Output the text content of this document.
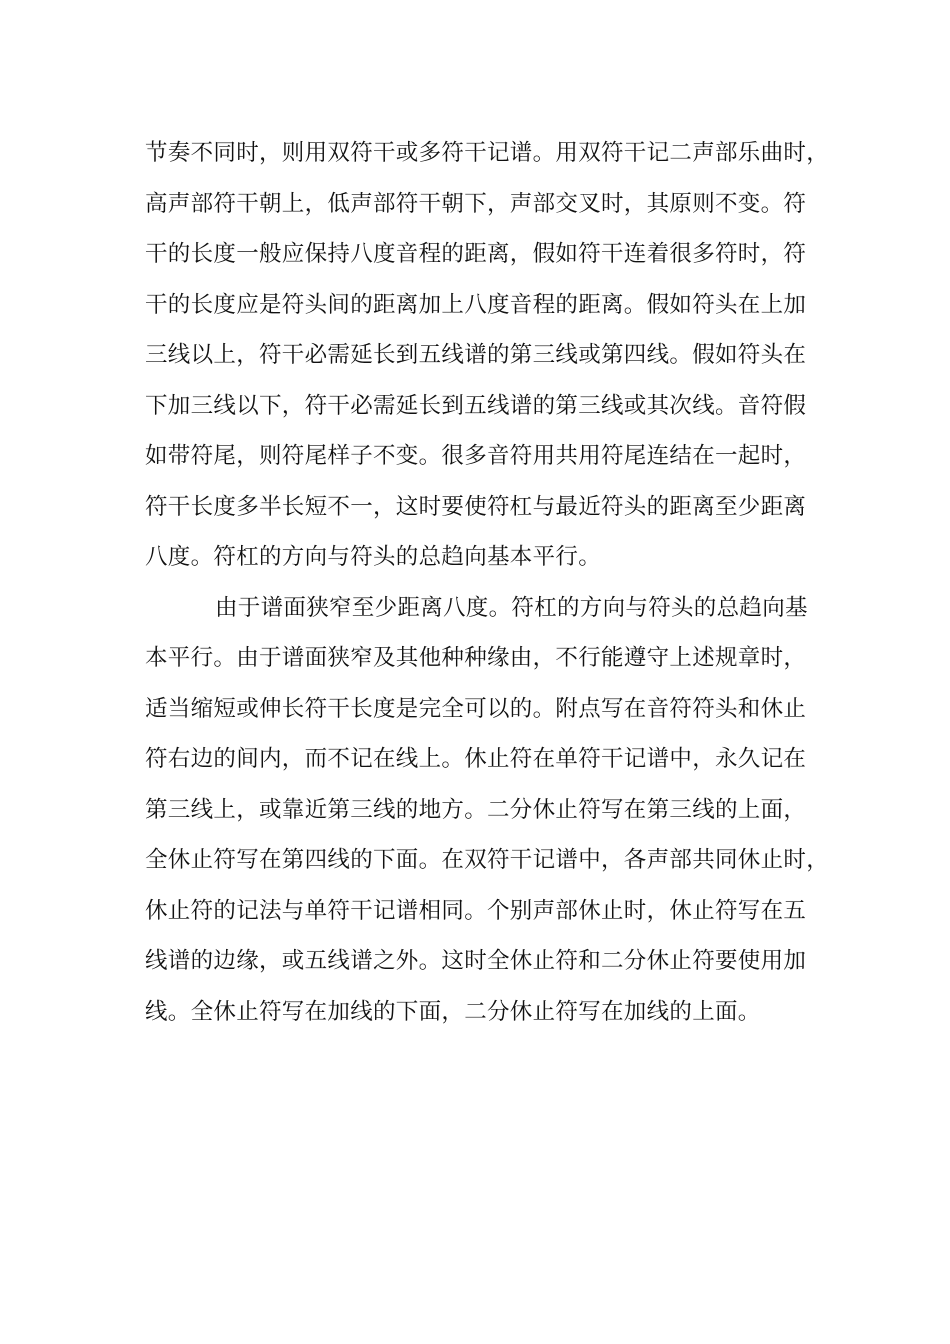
节奏不同时，则用双符干或多符干记谱。用双符干记二声部乐曲时，
高声部符干朝上，低声部符干朝下，声部交叉时，其原则不变。符
干的长度一般应保持八度音程的距离，假如符干连着很多符时，符
干的长度应是符头间的距离加上八度音程的距离。假如符头在上加
三线以上，符干必需延长到五线谱的第三线或第四线。假如符头在
下加三线以下，符干必需延长到五线谱的第三线或其次线。音符假
如带符尾，则符尾样子不变。很多音符用共用符尾连结在一起时，
符干长度多半长短不一，这时要使符杠与最近符头的距离至少距离
八度。符杠的方向与符头的总趋向基本平行。
由于谱面狭窄至少距离八度。符杠的方向与符头的总趋向基
本平行。由于谱面狭窄及其他种种缘由，不行能遵守上述规章时，
适当缩短或伸长符干长度是完全可以的。附点写在音符符头和休止
符右边的间内，而不记在线上。休止符在单符干记谱中，永久记在
第三线上，或靠近第三线的地方。二分休止符写在第三线的上面，
全休止符写在第四线的下面。在双符干记谱中，各声部共同休止时，
休止符的记法与单符干记谱相同。个别声部休止时，休止符写在五
线谱的边缘，或五线谱之外。这时全休止符和二分休止符要使用加
线。全休止符写在加线的下面，二分休止符写在加线的上面。
